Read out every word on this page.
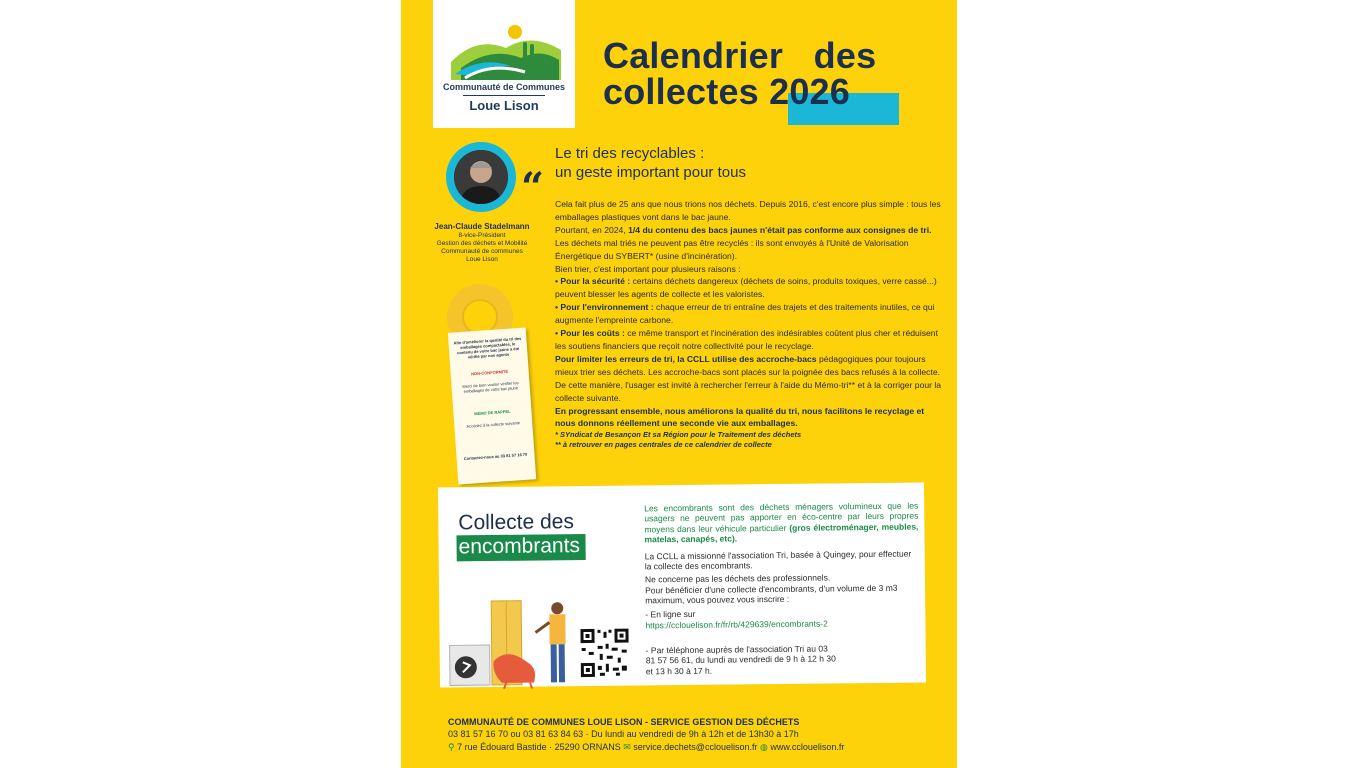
Communauté de Communes
Loue Lison
Calendrier   des
collectes 2026
“
Jean-Claude Stadelmann
8-vice-Président
Gestion des déchets et Mobilité
Communauté de communes
Loue Lison
Afin d'améliorer la qualité du tri des emballages compactables, le contenu de votre bac jaune a été vérifié par nos agents
NON-CONFORMITÉ
Merci de bien vouloir vérifier les emballages de votre bac jaune
MÉMO DE RAPPEL
Accédez à la collecte suivante
Contactez-nous au 03 81 57 16 70
Le tri des recyclables :
un geste important pour tous
Cela fait plus de 25 ans que nous trions nos déchets. Depuis 2016, c'est encore plus simple : tous les emballages plastiques vont dans le bac jaune.
Pourtant, en 2024, 1/4 du contenu des bacs jaunes n'était pas conforme aux consignes de tri. Les déchets mal triés ne peuvent pas être recyclés : ils sont envoyés à l'Unité de Valorisation Énergétique du SYBERT* (usine d'incinération).
Bien trier, c'est important pour plusieurs raisons :
• Pour la sécurité : certains déchets dangereux (déchets de soins, produits toxiques, verre cassé...) peuvent blesser les agents de collecte et les valoristes.
• Pour l'environnement : chaque erreur de tri entraîne des trajets et des traitements inutiles, ce qui augmente l'empreinte carbone.
• Pour les coûts : ce même transport et l'incinération des indésirables coûtent plus cher et réduisent les soutiens financiers que reçoit notre collectivité pour le recyclage.
Pour limiter les erreurs de tri, la CCLL utilise des accroche-bacs pédagogiques pour toujours mieux trier ses déchets. Les accroche-bacs sont placés sur la poignée des bacs refusés à la collecte. De cette manière, l'usager est invité à rechercher l'erreur à l'aide du Mémo-tri** et à la corriger pour la collecte suivante.
En progressant ensemble, nous améliorons la qualité du tri, nous facilitons le recyclage et nous donnons réellement une seconde vie aux emballages.
* SYndicat de Besançon Et sa Région pour le Traitement des déchets
** à retrouver en pages centrales de ce calendrier de collecte
Collecte des
encombrants
Les encombrants sont des déchets ménagers volumineux que les usagers ne peuvent pas apporter en éco-centre par leurs propres moyens dans leur véhicule particulier (gros électroménager, meubles, matelas, canapés, etc).
La CCLL a missionné l'association Tri, basée à Quingey, pour effectuer la collecte des encombrants.
Ne concerne pas les déchets des professionnels.
Pour bénéficier d'une collecte d'encombrants, d'un volume de 3 m3 maximum, vous pouvez vous inscrire :
- En ligne sur
https://cclouelison.fr/fr/rb/429639/encombrants-2
- Par téléphone auprès de l'association Tri au 03 81 57 56 61, du lundi au vendredi de 9 h à 12 h 30 et 13 h 30 à 17 h.
COMMUNAUTÉ DE COMMUNES LOUE LISON - SERVICE GESTION DES DÉCHETS
03 81 57 16 70 ou 03 81 63 84 63 · Du lundi au vendredi de 9h à 12h et de 13h30 à 17h
⚲ 7 rue Édouard Bastide · 25290 ORNANS ✉ service.dechets@cclouelison.fr ◍ www.cclouelison.fr
